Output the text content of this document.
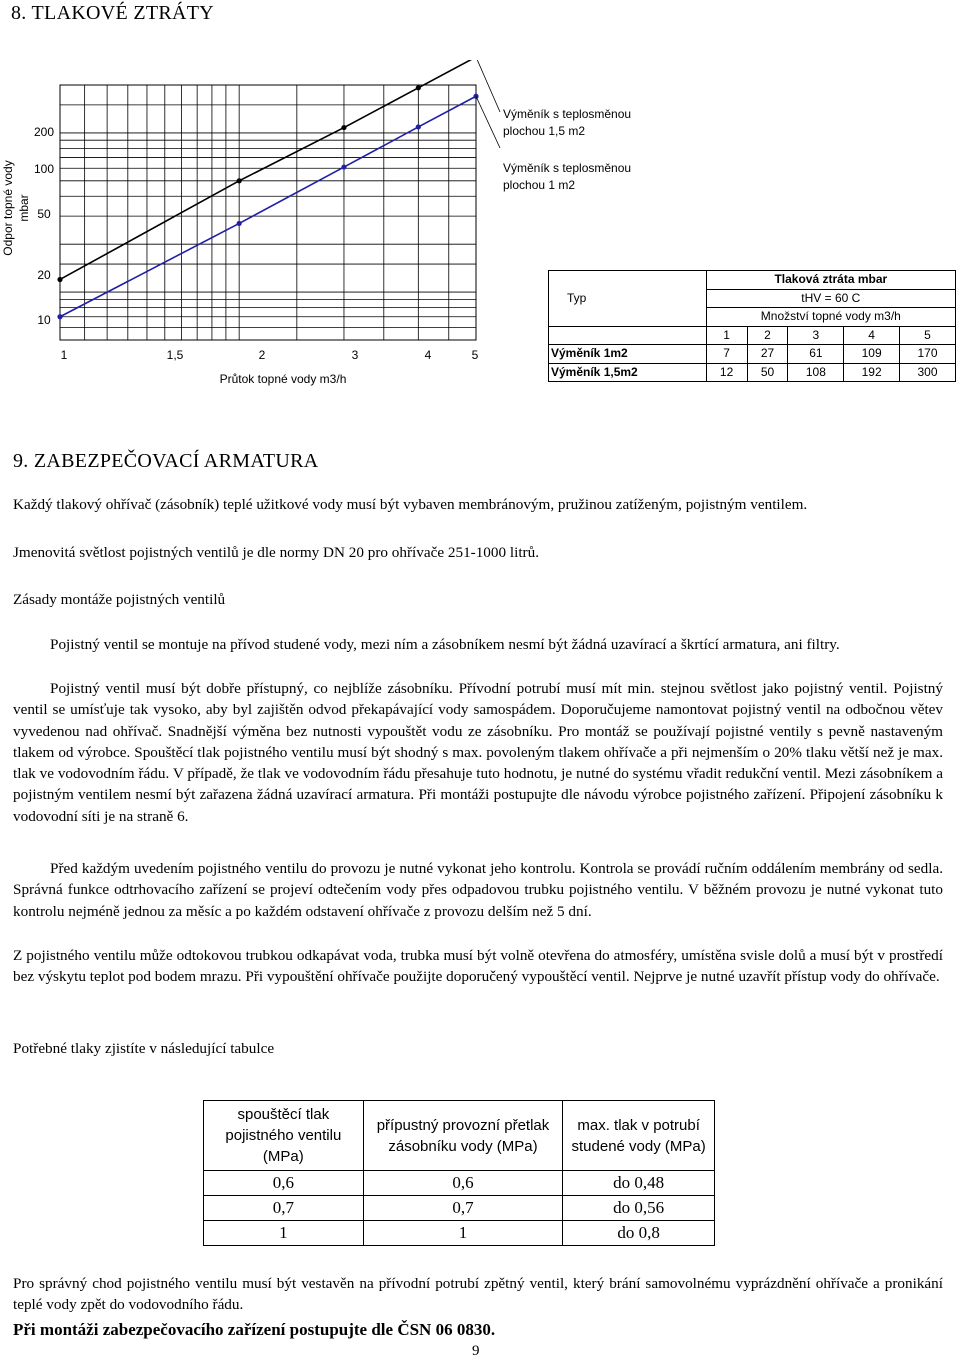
8. TLAKOVÉ ZTRÁTY
1	1,5	2	3	4	5
200
100
50
20
10
Průtok topné vody m3/h
Odpor topné vody mbar
Výměník s teplosměnou
plochou 1,5 m2
Výměník s teplosměnou
plochou 1 m2
Typ	Tlaková ztráta mbar				
	tHV = 60 C				
	Množství topné vody m3/h				
	1	2	3	4	5
Výměník 1m2	7	27	61	109	170
Výměník 1,5m2	12	50	108	192	300
9. ZABEZPEČOVACÍ ARMATURA
Každý tlakový ohřívač (zásobník) teplé užitkové vody musí být vybaven membránovým, pružinou zatíženým, pojistným ventilem.
Jmenovitá světlost pojistných ventilů je dle normy DN 20 pro ohřívače 251-1000 litrů.
Zásady montáže pojistných ventilů
Pojistný ventil se montuje na přívod studené vody, mezi ním a zásobníkem nesmí být žádná uzavírací a škrtící armatura, ani filtry.
Pojistný ventil musí být dobře přístupný, co nejblíže zásobníku. Přívodní potrubí musí mít min. stejnou světlost jako pojistný ventil. Pojistný ventil se umísťuje tak vysoko, aby byl zajištěn odvod překapávající vody samospádem. Doporučujeme namontovat pojistný ventil na odbočnou větev vyvedenou nad ohřívač. Snadnější výměna bez nutnosti vypouštět vodu ze zásobníku. Pro montáž se používají pojistné ventily s pevně nastaveným tlakem od výrobce. Spouštěcí tlak pojistného ventilu musí být shodný s max. povoleným tlakem ohřívače a při nejmenším o 20% tlaku větší než je max. tlak ve vodovodním řádu. V případě, že tlak ve vodovodním řádu přesahuje tuto hodnotu, je nutné do systému vřadit redukční ventil. Mezi zásobníkem a pojistným ventilem nesmí být zařazena žádná uzavírací armatura. Při montáži postupujte dle návodu výrobce pojistného zařízení. Připojení zásobníku k vodovodní síti je na straně 6.
Před každým uvedením pojistného ventilu do provozu je nutné vykonat jeho kontrolu. Kontrola se provádí ručním oddálením membrány od sedla. Správná funkce odtrhovacího zařízení se projeví odtečením vody přes odpadovou trubku pojistného ventilu. V běžném provozu je nutné vykonat tuto kontrolu nejméně jednou za měsíc a po každém odstavení ohřívače z provozu delším než 5 dní.
Z pojistného ventilu může odtokovou trubkou odkapávat voda, trubka musí být volně otevřena do atmosféry, umístěna svisle dolů a musí být v prostředí bez výskytu teplot pod bodem mrazu. Při vypouštění ohřívače použijte doporučený vypouštěcí ventil. Nejprve je nutné uzavřít přístup vody do ohřívače.
Potřebné tlaky zjistíte v následující tabulce
spouštěcí tlak pojistného ventilu (MPa)	přípustný provozní přetlak zásobníku vody (MPa)	max. tlak v potrubí studené vody (MPa)
0,6	0,6	do 0,48
0,7	0,7	do 0,56
1	1	do 0,8
Pro správný chod pojistného ventilu musí být vestavěn na přívodní potrubí zpětný ventil, který brání samovolnému vyprázdnění ohřívače a pronikání teplé vody zpět do vodovodního řádu.
Při montáži zabezpečovacího zařízení postupujte dle ČSN 06 0830.
9
